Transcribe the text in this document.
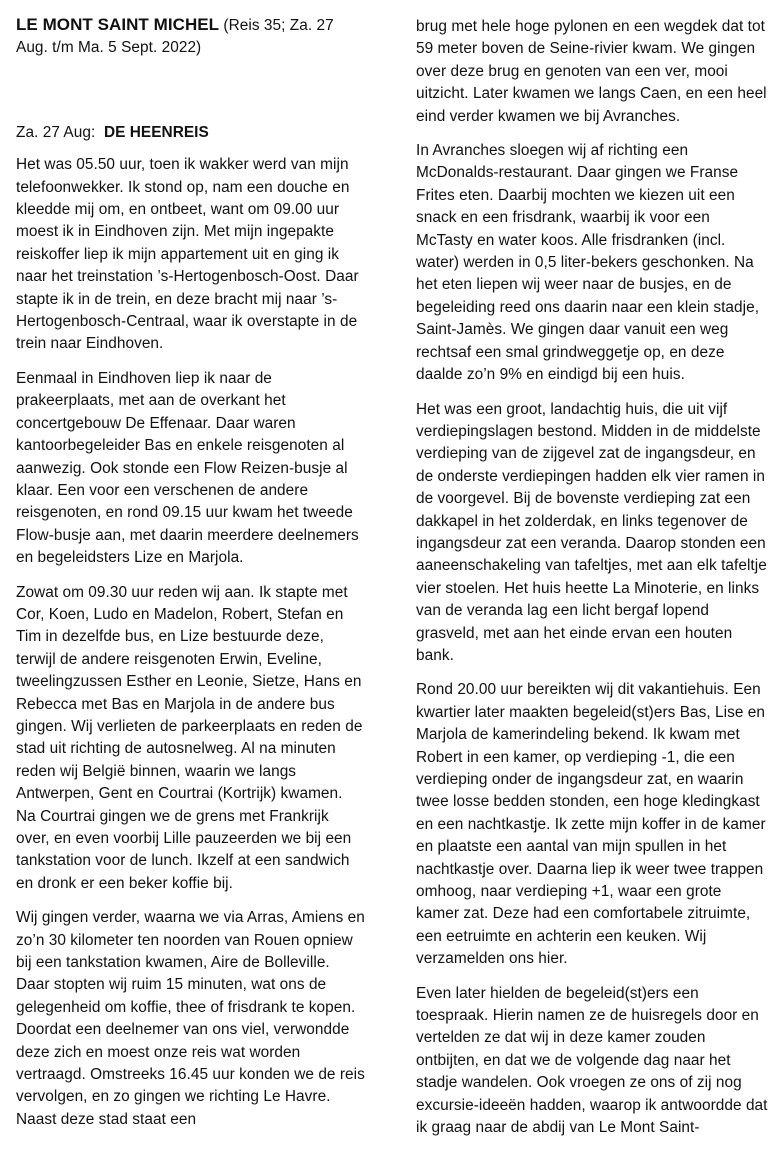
LE MONT SAINT MICHEL (Reis 35; Za. 27 Aug. t/m Ma. 5 Sept. 2022)
Za. 27 Aug: DE HEENREIS

Het was 05.50 uur, toen ik wakker werd van mijn telefoonwekker. Ik stond op, nam een douche en kleedde mij om, en ontbeet, want om 09.00 uur moest ik in Eindhoven zijn. Met mijn ingepakte reiskoffer liep ik mijn appartement uit en ging ik naar het treinstation ’s-Hertogenbosch-Oost. Daar stapte ik in de trein, en deze bracht mij naar ’s-Hertogenbosch-Centraal, waar ik overstapte in de trein naar Eindhoven.

Eenmaal in Eindhoven liep ik naar de prakeerplaats, met aan de overkant het concertgebouw De Effenaar. Daar waren kantoorbegeleider Bas en enkele reisgenoten al aanwezig. Ook stonde een Flow Reizen-busje al klaar. Een voor een verschenen de andere reisgenoten, en rond 09.15 uur kwam het tweede Flow-busje aan, met daarin meerdere deelnemers en begeleidsters Lize en Marjola.

Zowat om 09.30 uur reden wij aan. Ik stapte met Cor, Koen, Ludo en Madelon, Robert, Stefan en Tim in dezelfde bus, en Lize bestuurde deze, terwijl de andere reisgenoten Erwin, Eveline, tweelingzussen Esther en Leonie, Sietze, Hans en Rebecca met Bas en Marjola in de andere bus gingen. Wij verlieten de parkeerplaats en reden de stad uit richting de autosnelweg. Al na minuten reden wij België binnen, waarin we langs Antwerpen, Gent en Courtrai (Kortrijk) kwamen. Na Courtrai gingen we de grens met Frankrijk over, en even voorbij Lille pauzeerden we bij een tankstation voor de lunch. Ikzelf at een sandwich en dronk er een beker koffie bij.

Wij gingen verder, waarna we via Arras, Amiens en zo’n 30 kilometer ten noorden van Rouen opniew bij een tankstation kwamen, Aire de Bolleville. Daar stopten wij ruim 15 minuten, wat ons de gelegenheid om koffie, thee of frisdrank te kopen. Doordat een deelnemer van ons viel, verwondde deze zich en moest onze reis wat worden vertraagd. Omstreeks 16.45 uur konden we de reis vervolgen, en zo gingen we richting Le Havre. Naast deze stad staat een

brug met hele hoge pylonen en een wegdek dat tot 59 meter boven de Seine-rivier kwam. We gingen over deze brug en genoten van een ver, mooi uitzicht. Later kwamen we langs Caen, en een heel eind verder kwamen we bij Avranches.

In Avranches sloegen wij af richting een McDonalds-restaurant. Daar gingen we Franse Frites eten. Daarbij mochten we kiezen uit een snack en een frisdrank, waarbij ik voor een McTasty en water koos. Alle frisdranken (incl. water) werden in 0,5 liter-bekers geschonken. Na het eten liepen wij weer naar de busjes, en de begeleiding reed ons daarin naar een klein stadje, Saint-Jamès. We gingen daar vanuit een weg rechtsaf een smal grindweggetje op, en deze daalde zo’n 9% en eindigd bij een huis.

Het was een groot, landachtig huis, die uit vijf verdiepingslagen bestond. Midden in de middelste verdieping van de zijgevel zat de ingangsdeur, en de onderste verdiepingen hadden elk vier ramen in de voorgevel. Bij de bovenste verdieping zat een dakkapel in het zolderdak, en links tegenover de ingangsdeur zat een veranda. Daarop stonden een aaneenschakeling van tafeltjes, met aan elk tafeltje vier stoelen. Het huis heette La Minoterie, en links van de veranda lag een licht bergaf lopend grasveld, met aan het einde ervan een houten bank.

Rond 20.00 uur bereikten wij dit vakantiehuis. Een kwartier later maakten begeleid(st)ers Bas, Lise en Marjola de kamerindeling bekend. Ik kwam met Robert in een kamer, op verdieping -1, die een verdieping onder de ingangsdeur zat, en waarin twee losse bedden stonden, een hoge kledingkast en een nachtkastje. Ik zette mijn koffer in de kamer en plaatste een aantal van mijn spullen in het nachtkastje over. Daarna liep ik weer twee trappen omhoog, naar verdieping +1, waar een grote kamer zat. Deze had een comfortabele zitruimte, een eetruimte en achterin een keuken. Wij verzamelden ons hier.

Even later hielden de begeleid(st)ers een toespraak. Hierin namen ze de huisregels door en vertelden ze dat wij in deze kamer zouden ontbijten, en dat we de volgende dag naar het stadje wandelen. Ook vroegen ze ons of zij nog excursie-ideeën hadden, waarop ik antwoordde dat ik graag naar de abdij van Le Mont Saint-
